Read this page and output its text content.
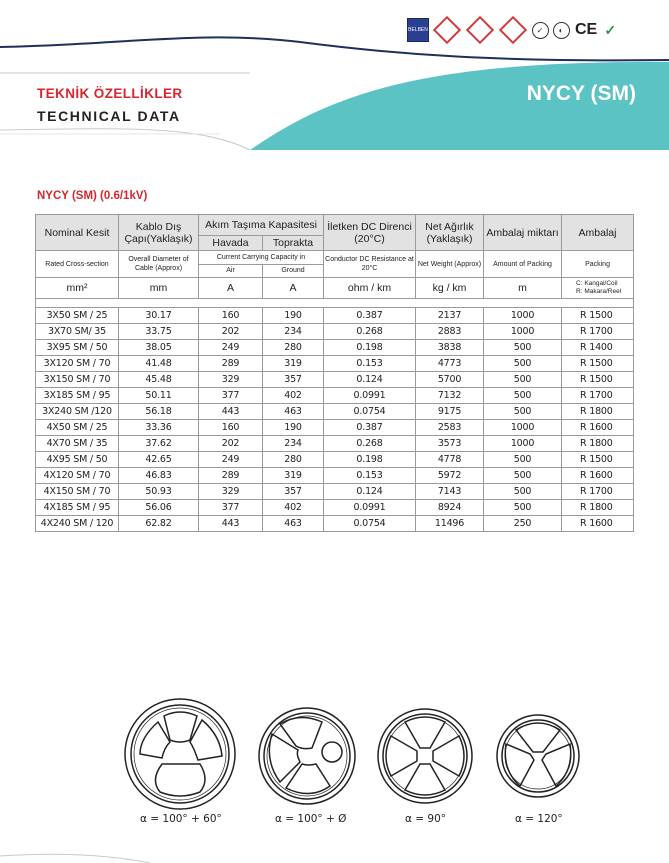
BELBEN	✓	◐ CE ✓
TEKNİK ÖZELLİKLER
TECHNICAL DATA
NYCY (SM)
NYCY (SM) (0.6/1kV)
Nominal Kesit	Kablo Dış Çapı(Yaklaşık)	Akım Taşıma Kapasitesi		İletken DC Direnci (20°C)	Net Ağırlık (Yaklaşık)	Ambalaj miktarı	Ambalaj
		Havada	Toprakta				
Rated Cross-section	Overall Diameter of Cable (Approx)	Current Carrying Capacity in		Conductor DC Resistance at 20°C	Net Weight (Approx)	Amount of Packing	Packing
		Air	Ground				
mm²	mm	A	A	ohm / km	kg / km	m	C: Kangal/Coil
R: Makara/Reel

3X50 SM / 25	30.17	160	190	0.387	2137	1000	R 1500
3X70 SM/ 35	33.75	202	234	0.268	2883	1000	R 1700
3X95 SM / 50	38.05	249	280	0.198	3838	500	R 1400
3X120 SM / 70	41.48	289	319	0.153	4773	500	R 1500
3X150 SM / 70	45.48	329	357	0.124	5700	500	R 1500
3X185 SM / 95	50.11	377	402	0.0991	7132	500	R 1700
3X240 SM /120	56.18	443	463	0.0754	9175	500	R 1800
4X50 SM / 25	33.36	160	190	0.387	2583	1000	R 1600
4X70 SM / 35	37.62	202	234	0.268	3573	1000	R 1800
4X95 SM / 50	42.65	249	280	0.198	4778	500	R 1500
4X120 SM / 70	46.83	289	319	0.153	5972	500	R 1600
4X150 SM / 70	50.93	329	357	0.124	7143	500	R 1700
4X185 SM / 95	56.06	377	402	0.0991	8924	500	R 1800
4X240 SM / 120	62.82	443	463	0.0754	11496	250	R 1600
α = 100° + 60°	α = 100° + Ø	α = 90°	α = 120°
